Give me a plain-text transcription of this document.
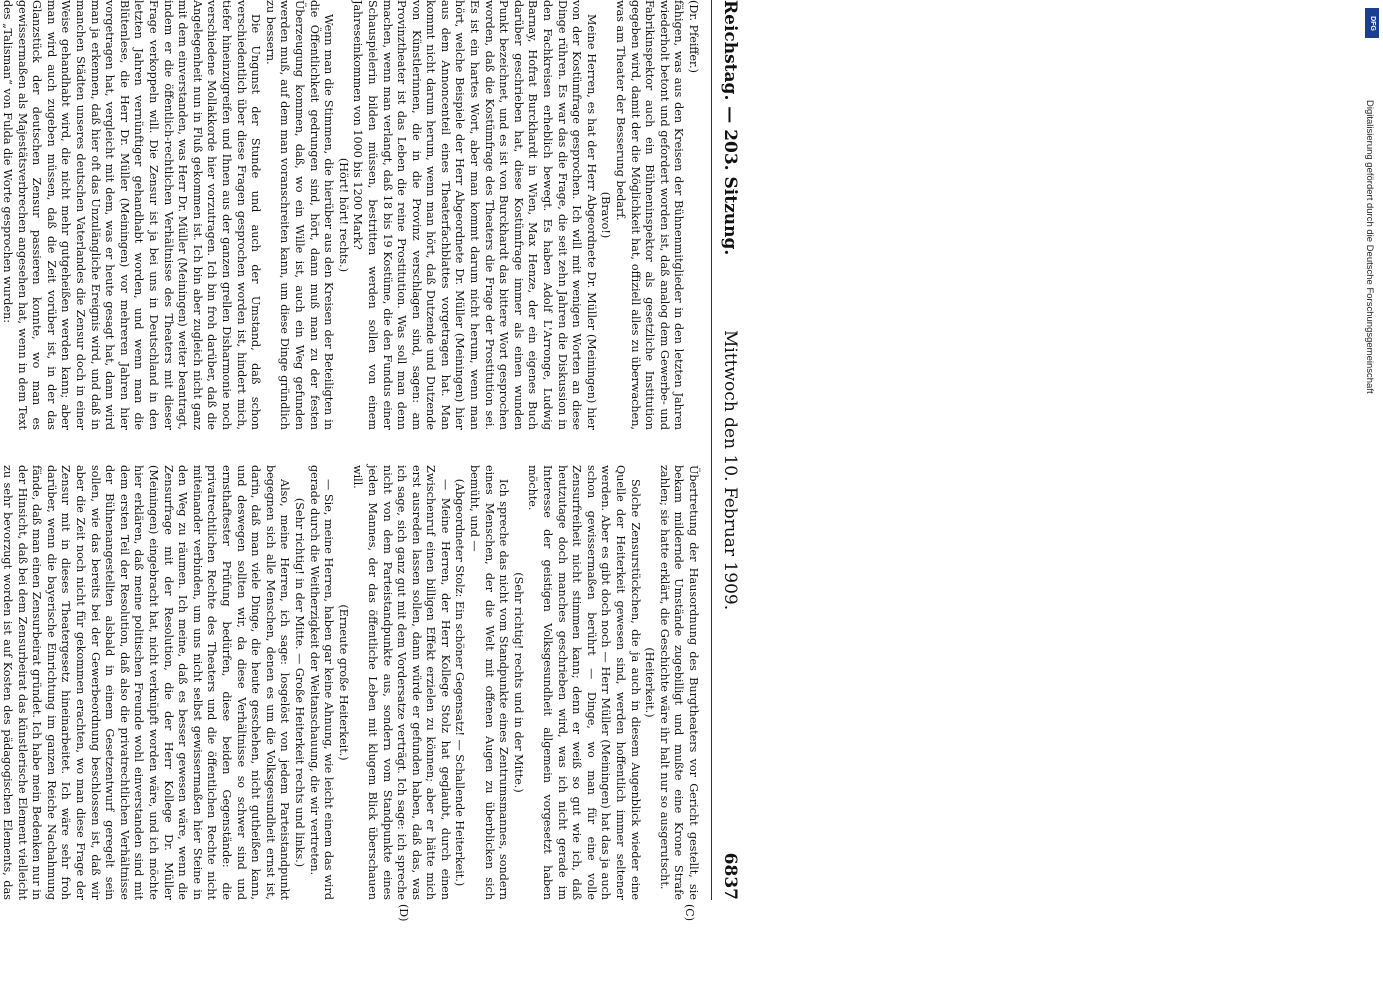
Reichstag. — 203. Sitzung.
Mittwoch den 10. Februar 1909.
6837
(C)
(D)

(Dr. Pfeiffer.)

fähigen, was aus den Kreisen der Bühnenmitglieder in den letzten Jahren wiederholt betont und gefordert worden ist, daß analog dem Gewerbe- und Fabrikinspektor auch ein Bühneninspektor als gesetzliche Institution gegeben wird, damit der die Möglichkeit hat, offiziell alles zu überwachen, was am Theater der Besserung bedarf.

(Bravo!)

Meine Herren, es hat der Herr Abgeordnete Dr. Müller (Meiningen) hier von der Kostümfrage gesprochen. Ich will mit wenigen Worten an diese Dinge rühren. Es war das die Frage, die seit zehn Jahren die Diskussion in den Fachkreisen erheblich bewegt. Es haben Adolf L'Arronge, Ludwig Barnay, Hofrat Burckhardt in Wien, Max Henze, der ein eigenes Buch darüber geschrieben hat, diese Kostümfrage immer als einen wunden Punkt bezeichnet, und es ist von Burckhardt das bittere Wort gesprochen worden, daß die Kostümfrage des Theaters die Frage der Prostitution sei. Es ist ein hartes Wort, aber man kommt darum nicht herum, wenn man hört, welche Beispiele der Herr Abgeordnete Dr. Müller (Meiningen) hier aus dem Annoncenteil eines Theaterfachblattes vorgetragen hat. Man kommt nicht darum herum, wenn man hört, daß Dutzende und Dutzende von Künstlerinnen, die in die Provinz verschlagen sind, sagen: am Provinztheater ist das Leben die reine Prostitution. Was soll man denn machen, wenn man verlangt, daß 18 bis 19 Kostüme, die den Fundus einer Schauspielerin bilden müssen, bestritten werden sollen von einem Jahreseinkommen von 1000 bis 1200 Mark?

(Hört! hört! rechts.)

Wenn man die Stimmen, die hierüber aus den Kreisen der Beteiligten in die Öffentlichkeit gedrungen sind, hört, dann muß man zu der festen Überzeugung kommen, daß, wo ein Wille ist, auch ein Weg gefunden werden muß, auf dem man voranschreiten kann, um diese Dinge gründlich zu bessern.

Die Ungunst der Stunde und auch der Umstand, daß schon verschiedentlich über diese Fragen gesprochen worden ist, hindert mich, tiefer hineinzugreifen und Ihnen aus der ganzen grellen Disharmonie noch verschiedene Mollakkorde hier vorzutragen. Ich bin froh darüber, daß die Angelegenheit nun in Fluß gekommen ist. Ich bin aber zugleich nicht ganz mit dem einverstanden, was Herr Dr. Müller (Meiningen) weiter beantragt, indem er die öffentlich-rechtlichen Verhältnisse des Theaters mit dieser Frage verkoppeln will. Die Zensur ist ja bei uns in Deutschland in den letzten Jahren vernünftiger gehandhabt worden, und wenn man die Blütenlese, die Herr Dr. Müller (Meiningen) vor mehreren Jahren hier vorgetragen hat, vergleicht mit dem, was er heute gesagt hat, dann wird man ja erkennen, daß hier oft das Unzulängliche Ereignis wird, und daß in manchen Städten unseres deutschen Vaterlandes die Zensur doch in einer Weise gehandhabt wird, die nicht mehr gutgeheißen werden kann; aber man wird auch zugeben müssen, daß die Zeit vorüber ist, in der das Glanzstück der deutschen Zensur passieren konnte, wo man es gewissermaßen als Majestätsverbrechen angesehen hat, wenn in dem Text des „Talisman“ von Fulda die Worte gesprochen wurden:

Übertretung der Hausordnung des Burgtheaters vor Gericht gestellt, sie bekam mildernde Umstände zugebilligt und mußte eine Krone Strafe zahlen; sie hatte erklärt, die Geschichte wäre ihr halt nur so ausgerutscht.

(Heiterkeit.)

Solche Zensurstückchen, die ja auch in diesem Augenblick wieder eine Quelle der Heiterkeit gewesen sind, werden hoffentlich immer seltener werden. Aber es gibt doch noch — Herr Müller (Meiningen) hat das ja auch schon gewissermaßen berührt — Dinge, wo man für eine volle Zensurfreiheit nicht stimmen kann; denn er weiß so gut wie ich, daß heutzutage doch manches geschrieben wird, was ich nicht gerade im Interesse der geistigen Volksgesundheit allgemein vorgesetzt haben möchte.

(Sehr richtig! rechts und in der Mitte.)

Ich spreche das nicht vom Standpunkte eines Zentrumsmannes, sondern eines Menschen, der die Welt mit offenen Augen zu überblicken sich bemüht, und —

(Abgeordneter Stolz: Ein schöner Gegensatz! — Schallende Heiterkeit.)

— Meine Herren, der Herr Kollege Stolz hat geglaubt, durch einen Zwischenruf einen billigen Effekt erzielen zu können; aber er hätte mich erst ausreden lassen sollen, dann würde er gefunden haben, daß das, was ich sage, sich ganz gut mit dem Vordersatze verträgt. Ich sage: ich spreche nicht von dem Parteistandpunkte aus, sondern vom Standpunkte eines jeden Mannes, der das öffentliche Leben mit klugem Blick überschauen will.

(Erneute große Heiterkeit.)

— Sie, meine Herren, haben gar keine Ahnung, wie leicht einem das wird gerade durch die Weitherzigkeit der Weltanschauung, die wir vertreten.

(Sehr richtig! in der Mitte. — Große Heiterkeit rechts und links.)

Also, meine Herren, ich sage: losgelöst von jedem Parteistandpunkt begegnen sich alle Menschen, denen es um die Volksgesundheit ernst ist, darin, daß man viele Dinge, die heute geschehen, nicht gutheißen kann, und deswegen sollten wir, da diese Verhältnisse so schwer sind und ernsthaftester Prüfung bedürfen, diese beiden Gegenstände: die privatrechtlichen Rechte des Theaters und die öffentlichen Rechte nicht miteinander verbinden, um uns nicht selbst gewissermaßen hier Steine in den Weg zu räumen. Ich meine, daß es besser gewesen wäre, wenn die Zensurfrage mit der Resolution, die der Herr Kollege Dr. Müller (Meiningen) eingebracht hat, nicht verknüpft worden wäre, und ich möchte hier erklären, daß meine politischen Freunde wohl einverstanden sind mit dem ersten Teil der Resolution, daß also die privatrechtlichen Verhältnisse der Bühnenangestellten alsbald in einem Gesetzentwurf geregelt sein sollen, wie das bereits bei der Gewerbeordnung beschlossen ist, daß wir aber die Zeit noch nicht für gekommen erachten, wo man diese Frage der Zensur mit in dieses Theatergesetz hineinarbeitet. Ich wäre sehr froh darüber, wenn die bayerische Einrichtung im ganzen Reiche Nachahmung fände, daß man einen Zensurbeirat gründet. Ich habe mein Bedenken nur in der Hinsicht, daß bei dem Zensurbeirat das künstlerische Element vielleicht zu sehr bevorzugt worden ist auf Kosten des pädagogischen Elements, das

DFG
Digitalisierung gefördert durch die Deutsche Forschungsgemeinschaft
